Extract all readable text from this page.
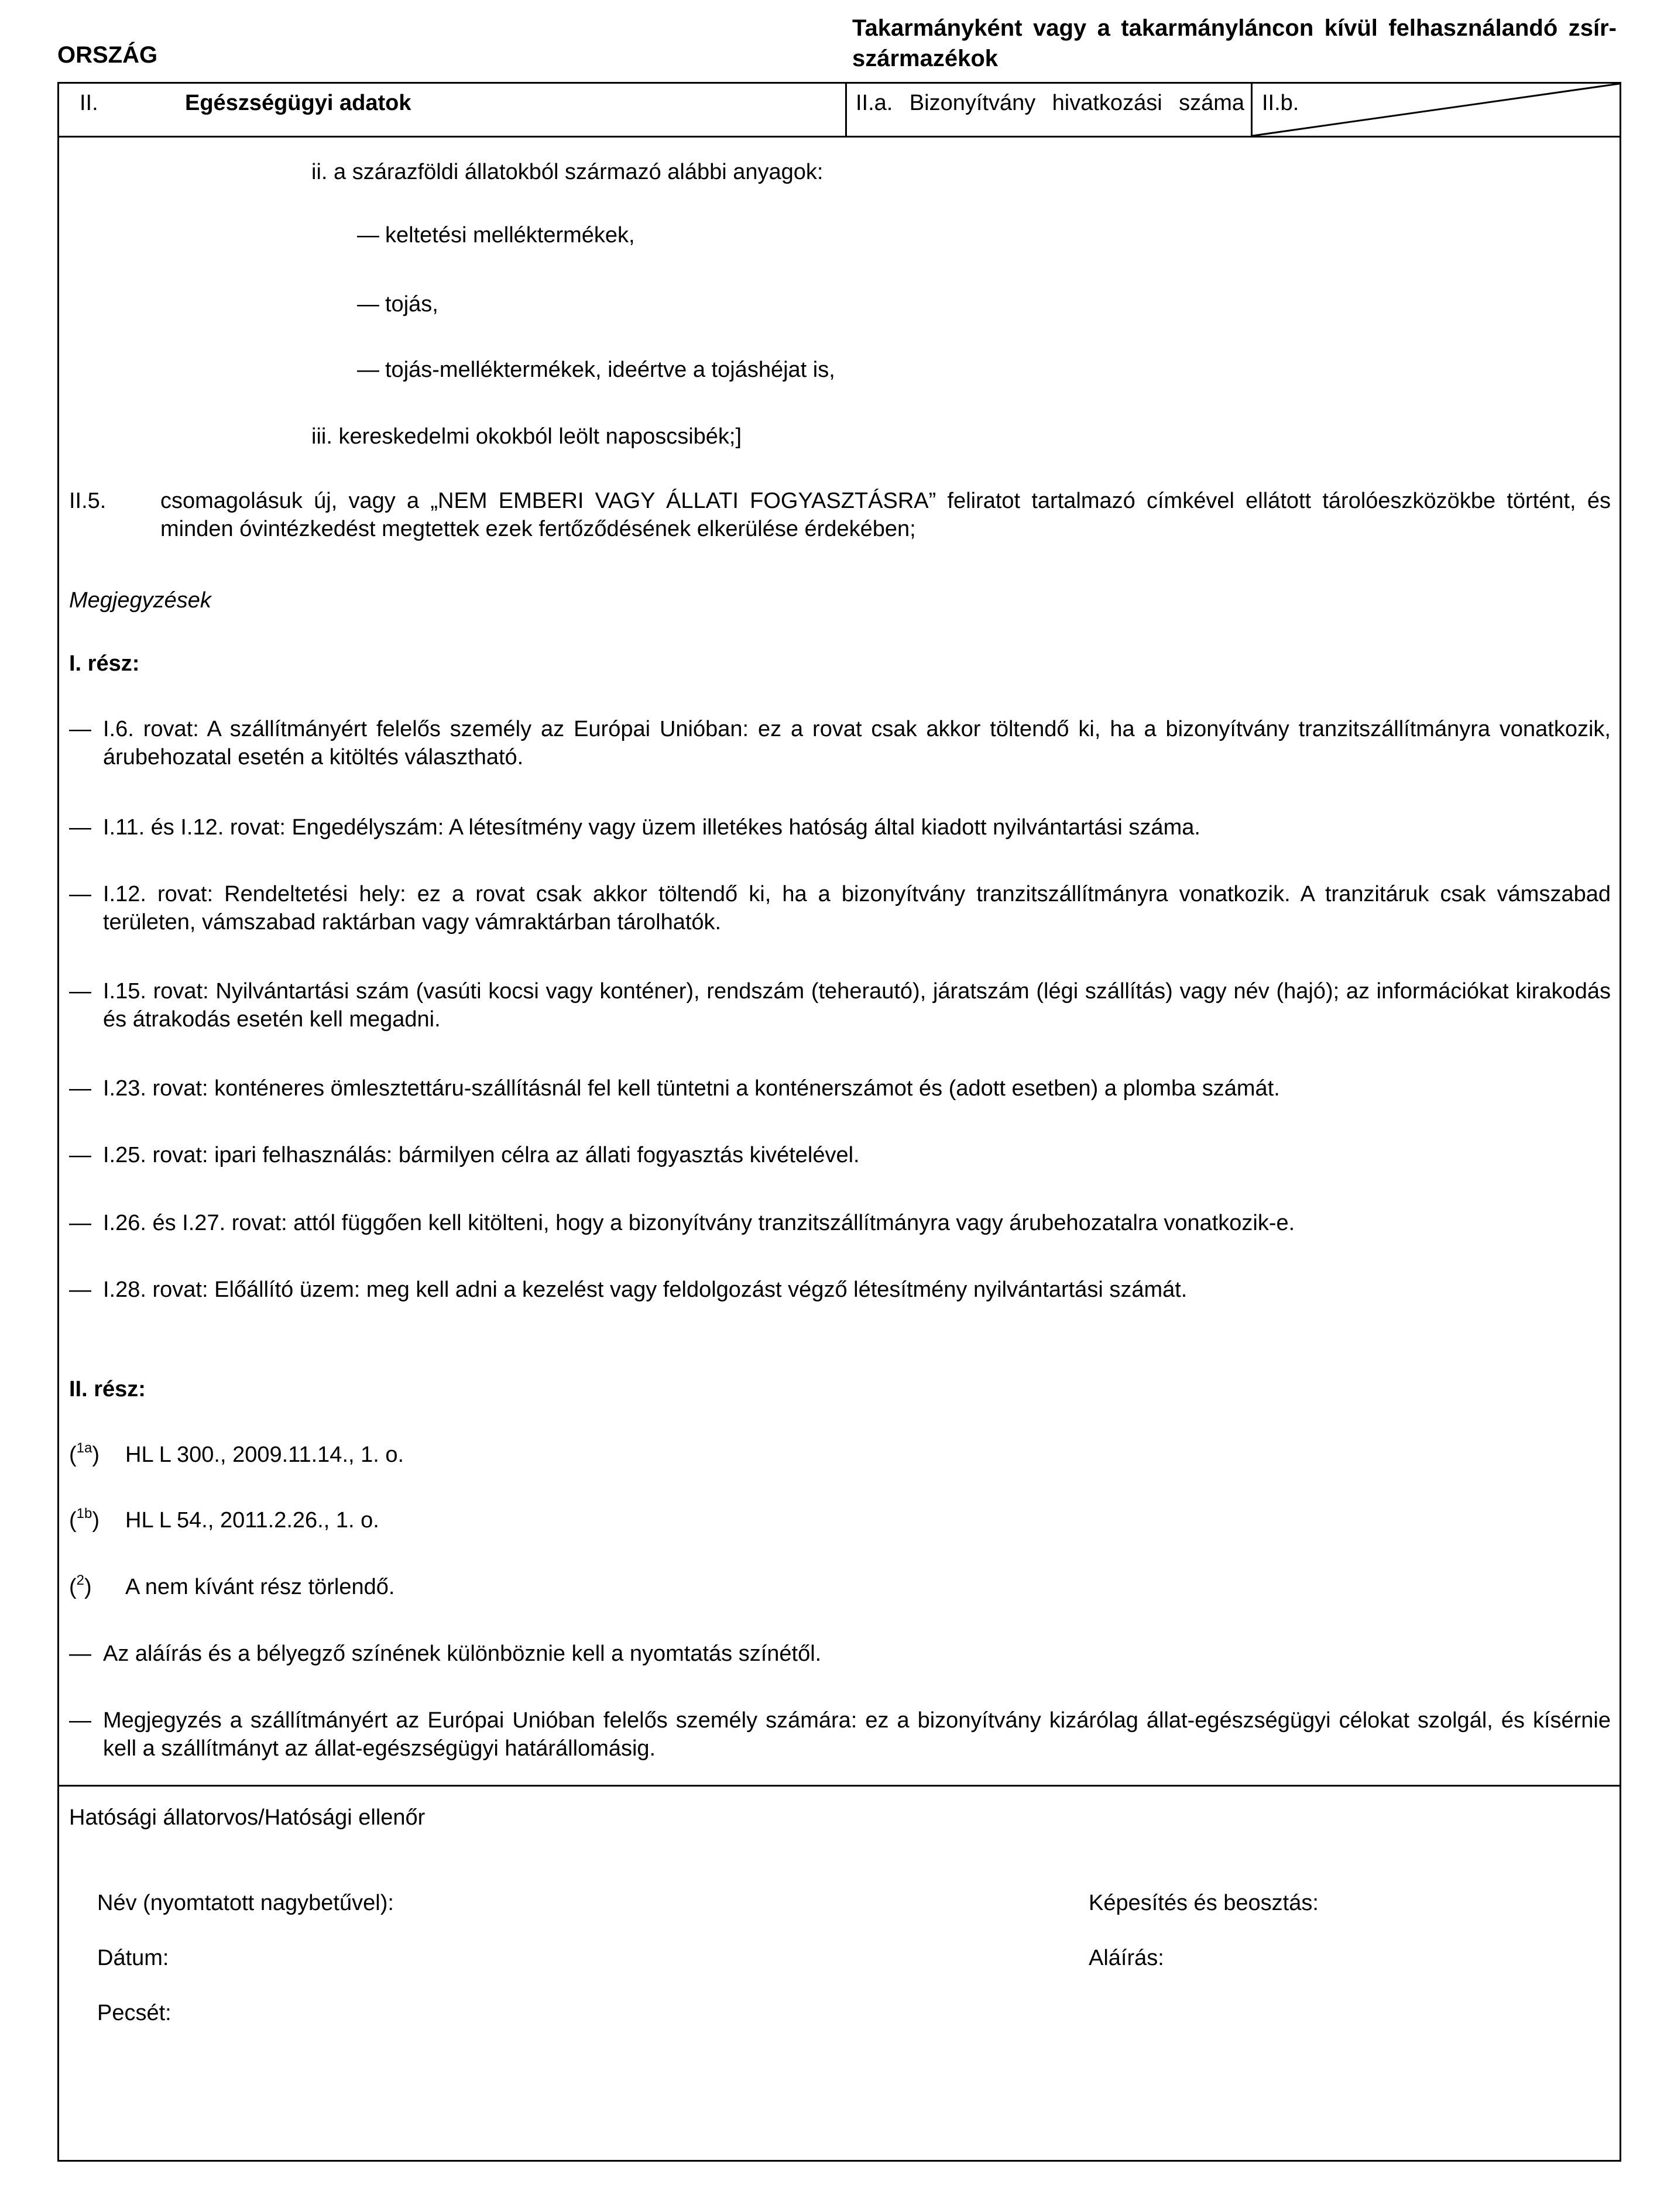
ORSZÁG
Takarmányként vagy a takarmányláncon kívül felhasználandó zsír-származékok
II.	Egészségügyi adatok	II.a. Bizonyítvány hivatkozási száma II.b.
ii. a szárazföldi állatokból származó alábbi anyagok:
— keltetési melléktermékek,
— tojás,
— tojás-melléktermékek, ideértve a tojáshéjat is,
iii. kereskedelmi okokból leölt naposcsibék;]
II.5. csomagolásuk új, vagy a „NEM EMBERI VAGY ÁLLATI FOGYASZTÁSRA” feliratot tartalmazó címkével ellátott tárolóeszközökbe történt, és minden óvintézkedést megtettek ezek fertőződésének elkerülése érdekében;
Megjegyzések
I. rész:
— I.6. rovat: A szállítmányért felelős személy az Európai Unióban: ez a rovat csak akkor töltendő ki, ha a bizonyítvány tranzitszállítmányra vonatkozik, árubehozatal esetén a kitöltés választható.
— I.11. és I.12. rovat: Engedélyszám: A létesítmény vagy üzem illetékes hatóság által kiadott nyilvántartási száma.
— I.12. rovat: Rendeltetési hely: ez a rovat csak akkor töltendő ki, ha a bizonyítvány tranzitszállítmányra vonatkozik. A tranzitáruk csak vámszabad területen, vámszabad raktárban vagy vámraktárban tárolhatók.
— I.15. rovat: Nyilvántartási szám (vasúti kocsi vagy konténer), rendszám (teherautó), járatszám (légi szállítás) vagy név (hajó); az információkat kirakodás és átrakodás esetén kell megadni.
— I.23. rovat: konténeres ömlesztettáru-szállításnál fel kell tüntetni a konténerszámot és (adott esetben) a plomba számát.
— I.25. rovat: ipari felhasználás: bármilyen célra az állati fogyasztás kivételével.
— I.26. és I.27. rovat: attól függően kell kitölteni, hogy a bizonyítvány tranzitszállítmányra vagy árubehozatalra vonatkozik-e.
— I.28. rovat: Előállító üzem: meg kell adni a kezelést vagy feldolgozást végző létesítmény nyilvántartási számát.
II. rész:
($^{1a}$) HL L 300., 2009.11.14., 1. o.
($^{1b}$) HL L 54., 2011.2.26., 1. o.
($^2$) A nem kívánt rész törlendő.
— Az aláírás és a bélyegző színének különböznie kell a nyomtatás színétől.
— Megjegyzés a szállítmányért az Európai Unióban felelős személy számára: ez a bizonyítvány kizárólag állat-egészségügyi célokat szolgál, és kísérnie kell a szállítmányt az állat-egészségügyi határállomásig.
Hatósági állatorvos/Hatósági ellenőr
Név (nyomtatott nagybetűvel):	Képesítés és beosztás:
Dátum:	Aláírás:
Pecsét:
